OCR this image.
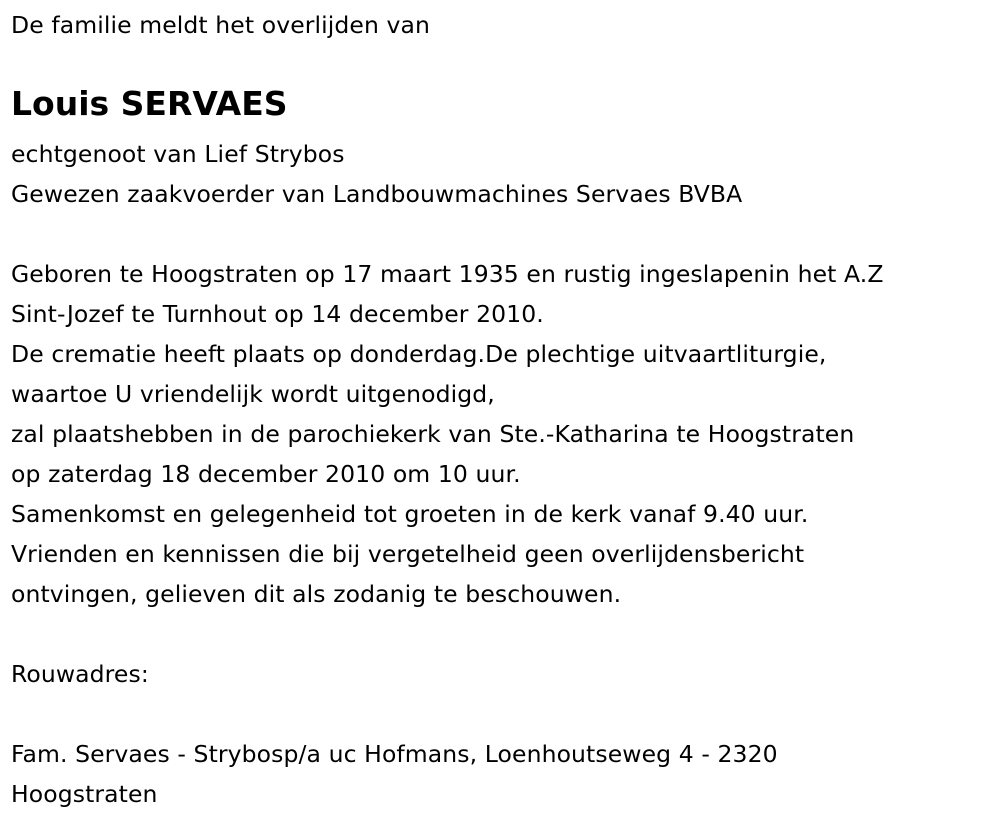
De familie meldt het overlijden van
Louis SERVAES
echtgenoot van Lief Strybos
Gewezen zaakvoerder van Landbouwmachines Servaes BVBA
Geboren te Hoogstraten op 17 maart 1935 en rustig ingeslapenin het A.Z
Sint-Jozef te Turnhout op 14 december 2010.
De crematie heeft plaats op donderdag.De plechtige uitvaartliturgie,
waartoe U vriendelijk wordt uitgenodigd,
zal plaatshebben in de parochiekerk van Ste.-Katharina te Hoogstraten
op zaterdag 18 december 2010 om 10 uur.
Samenkomst en gelegenheid tot groeten in de kerk vanaf 9.40 uur.
Vrienden en kennissen die bij vergetelheid geen overlijdensbericht
ontvingen, gelieven dit als zodanig te beschouwen.
Rouwadres:
Fam. Servaes - Strybosp/a uc Hofmans, Loenhoutseweg 4 - 2320
Hoogstraten
